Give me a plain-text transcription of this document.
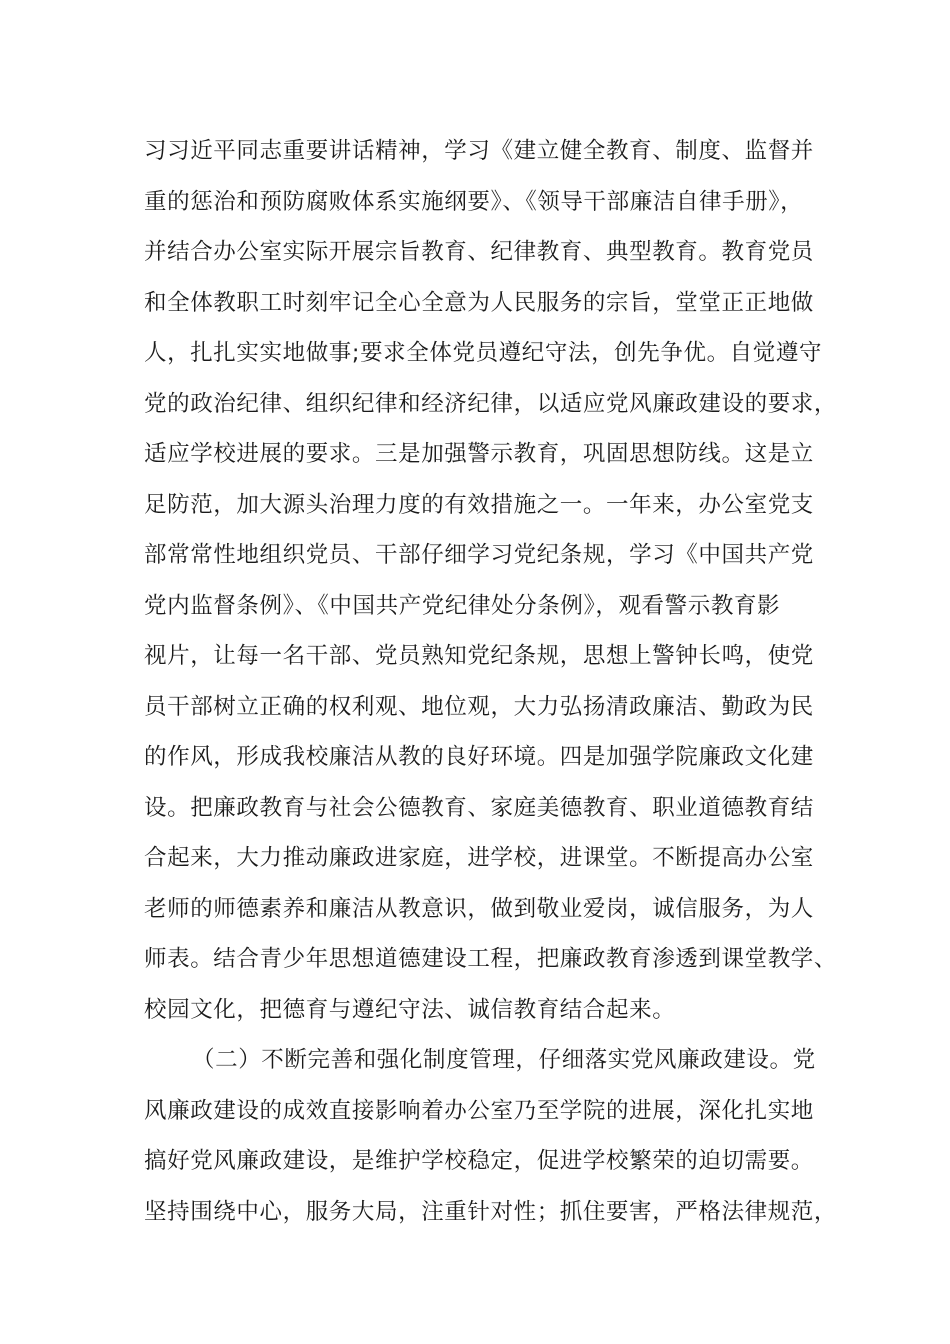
习习近平同志重要讲话精神，学习《建立健全教育、制度、监督并
重的惩治和预防腐败体系实施纲要》、《领导干部廉洁自律手册》，
并结合办公室实际开展宗旨教育、纪律教育、典型教育。教育党员
和全体教职工时刻牢记全心全意为人民服务的宗旨，堂堂正正地做
人，扎扎实实地做事;要求全体党员遵纪守法，创先争优。自觉遵守
党的政治纪律、组织纪律和经济纪律，以适应党风廉政建设的要求，
适应学校进展的要求。三是加强警示教育，巩固思想防线。这是立
足防范，加大源头治理力度的有效措施之一。一年来，办公室党支
部常常性地组织党员、干部仔细学习党纪条规，学习《中国共产党
党内监督条例》、《中国共产党纪律处分条例》，观看警示教育影
视片，让每一名干部、党员熟知党纪条规，思想上警钟长鸣，使党
员干部树立正确的权利观、地位观，大力弘扬清政廉洁、勤政为民
的作风，形成我校廉洁从教的良好环境。四是加强学院廉政文化建
设。把廉政教育与社会公德教育、家庭美德教育、职业道德教育结
合起来，大力推动廉政进家庭，进学校，进课堂。不断提高办公室
老师的师德素养和廉洁从教意识，做到敬业爱岗，诚信服务，为人
师表。结合青少年思想道德建设工程，把廉政教育渗透到课堂教学、
校园文化，把德育与遵纪守法、诚信教育结合起来。
（二）不断完善和强化制度管理，仔细落实党风廉政建设。党
风廉政建设的成效直接影响着办公室乃至学院的进展，深化扎实地
搞好党风廉政建设，是维护学校稳定，促进学校繁荣的迫切需要。
坚持围绕中心，服务大局，注重针对性；抓住要害，严格法律规范，
